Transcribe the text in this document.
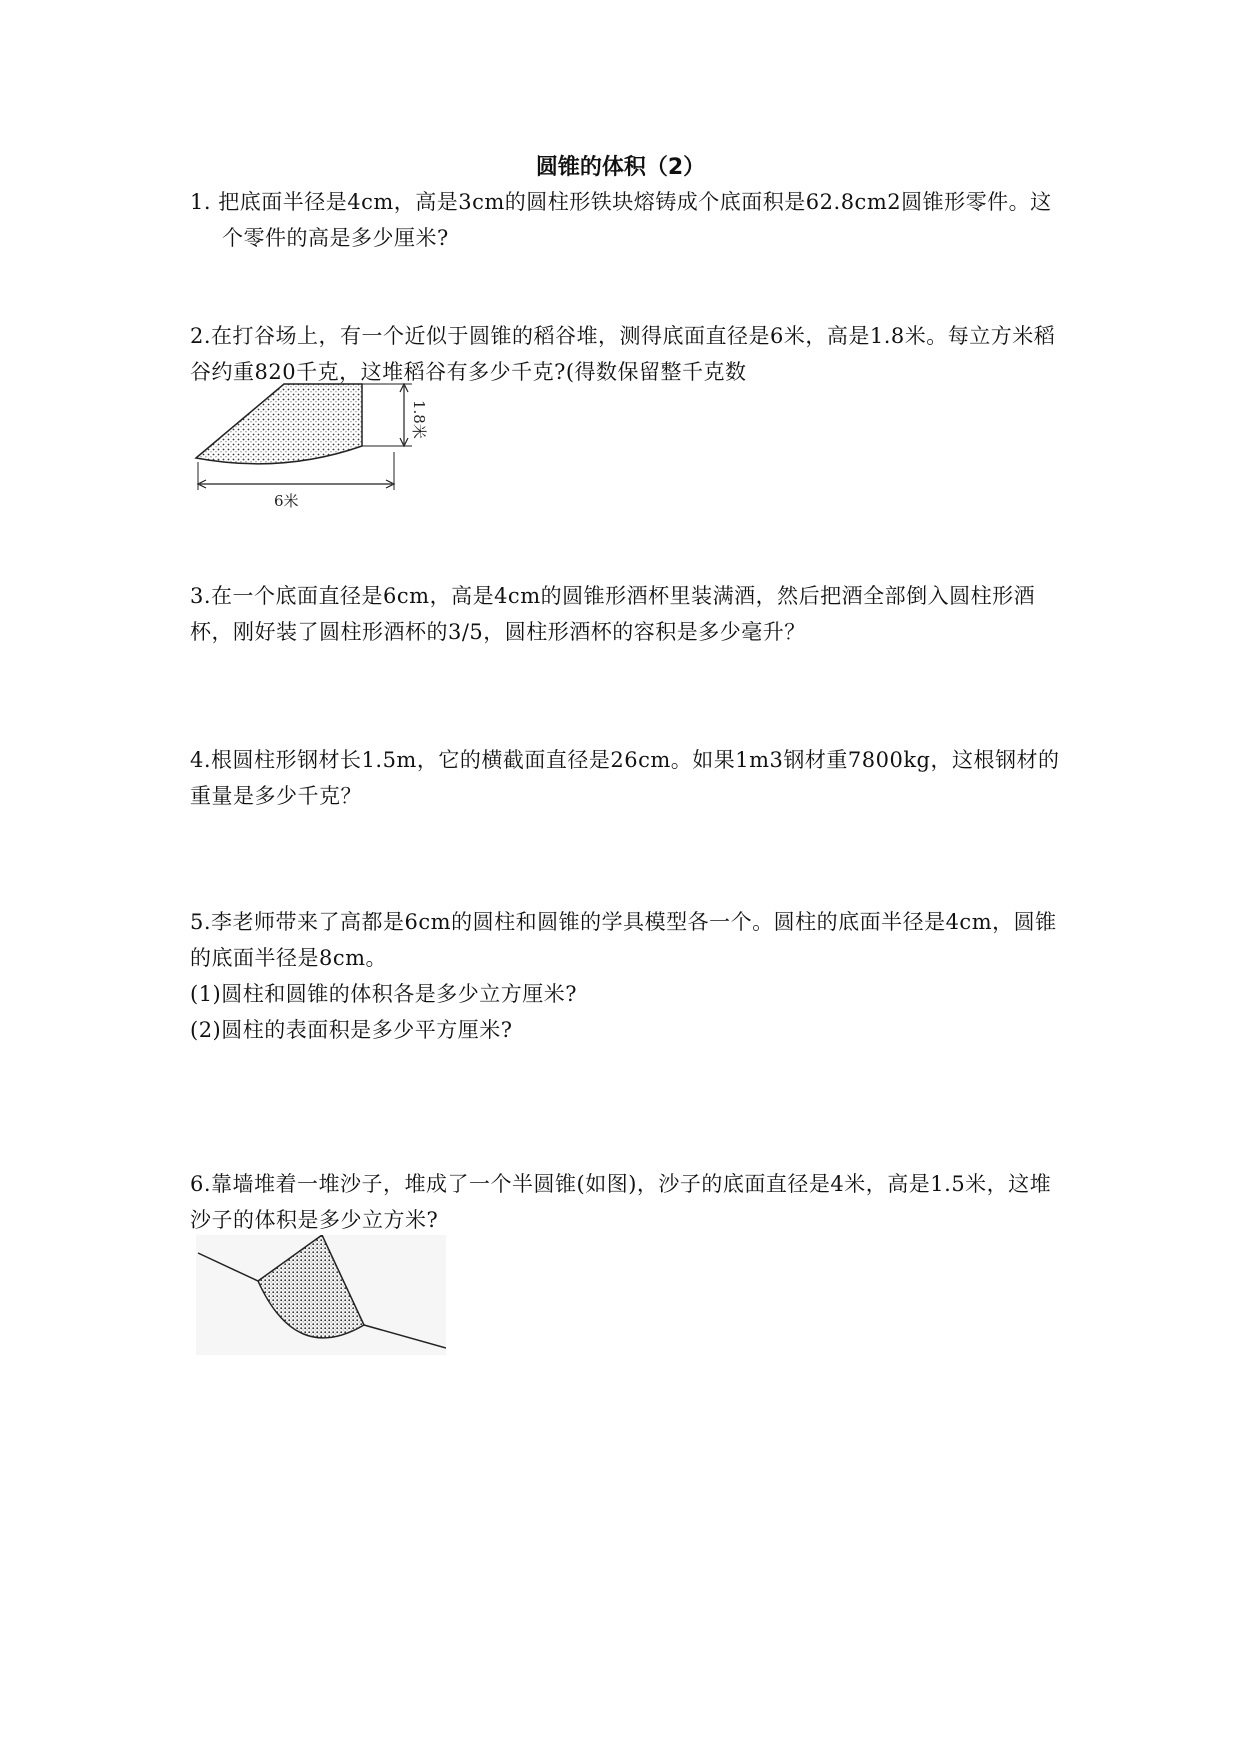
圆锥的体积（2）

1. 把底面半径是4cm，高是3cm的圆柱形铁块熔铸成个底面积是62.8cm2圆锥形零件。这个零件的高是多少厘米?

2.在打谷场上，有一个近似于圆锥的稻谷堆，测得底面直径是6米，高是1.8米。每立方米稻谷约重820千克，这堆稻谷有多少千克?(得数保留整千克数

1.8米
6米

3.在一个底面直径是6cm，高是4cm的圆锥形酒杯里装满酒，然后把酒全部倒入圆柱形酒杯，刚好装了圆柱形酒杯的3/5，圆柱形酒杯的容积是多少毫升？

4.根圆柱形钢材长1.5m，它的横截面直径是26cm。如果1m3钢材重7800kg，这根钢材的重量是多少千克？

5.李老师带来了高都是6cm的圆柱和圆锥的学具模型各一个。圆柱的底面半径是4cm，圆锥的底面半径是8cm。

(1)圆柱和圆锥的体积各是多少立方厘米?

(2)圆柱的表面积是多少平方厘米?

6.靠墙堆着一堆沙子，堆成了一个半圆锥(如图)，沙子的底面直径是4米，高是1.5米，这堆沙子的体积是多少立方米?
